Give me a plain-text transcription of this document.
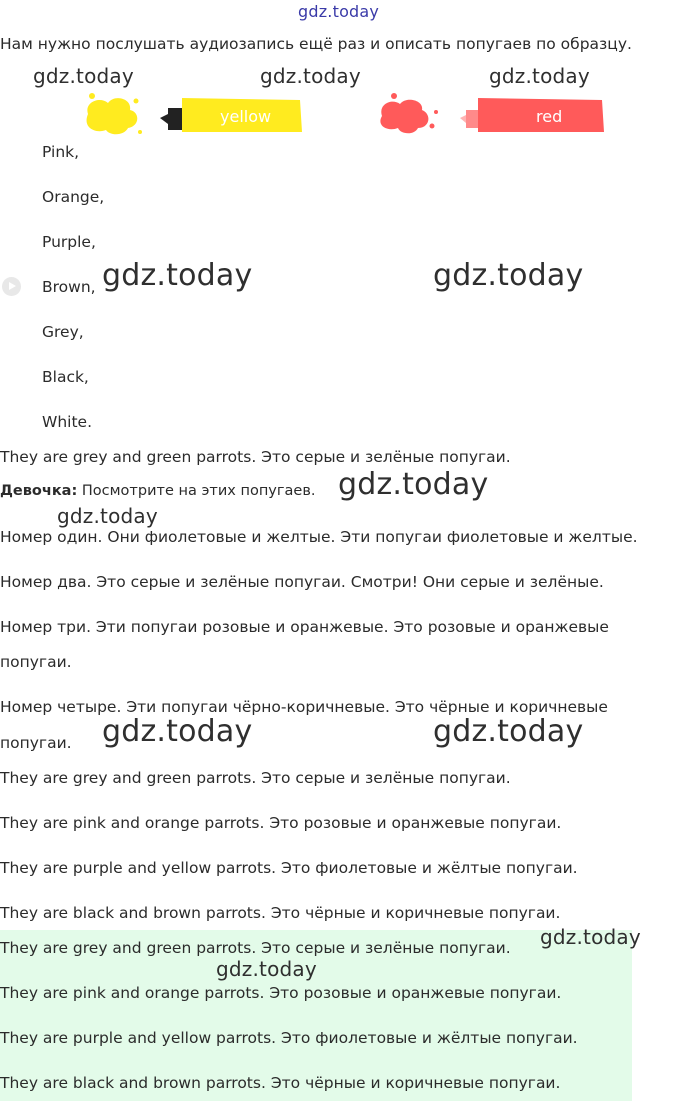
gdz.today
Нам нужно послушать аудиозапись ещё раз и описать попугаев по образцу.
gdz.today	gdz.today	gdz.today
yellow	red
Pink,
Orange,
Purple,
Brown,
Grey,
Black,
White.
gdz.today	gdz.today
They are grey and green parrots. Это серые и зелёные попугаи.
Девочка: Посмотрите на этих попугаев. gdz.today
gdz.today
Номер один. Они фиолетовые и желтые. Эти попугаи фиолетовые и желтые.
Номер два. Это серые и зелёные попугаи. Смотри! Они серые и зелёные.
Номер три. Эти попугаи розовые и оранжевые. Это розовые и оранжевые
попугаи.
Номер четыре. Эти попугаи чёрно-коричневые. Это чёрные и коричневые
попугаи. gdz.today	gdz.today
They are grey and green parrots. Это серые и зелёные попугаи.
They are pink and orange parrots. Это розовые и оранжевые попугаи.
They are purple and yellow parrots. Это фиолетовые и жёлтые попугаи.
They are black and brown parrots. Это чёрные и коричневые попугаи.
They are grey and green parrots. Это серые и зелёные попугаи. gdz.today
gdz.today
They are pink and orange parrots. Это розовые и оранжевые попугаи.
They are purple and yellow parrots. Это фиолетовые и жёлтые попугаи.
They are black and brown parrots. Это чёрные и коричневые попугаи.
